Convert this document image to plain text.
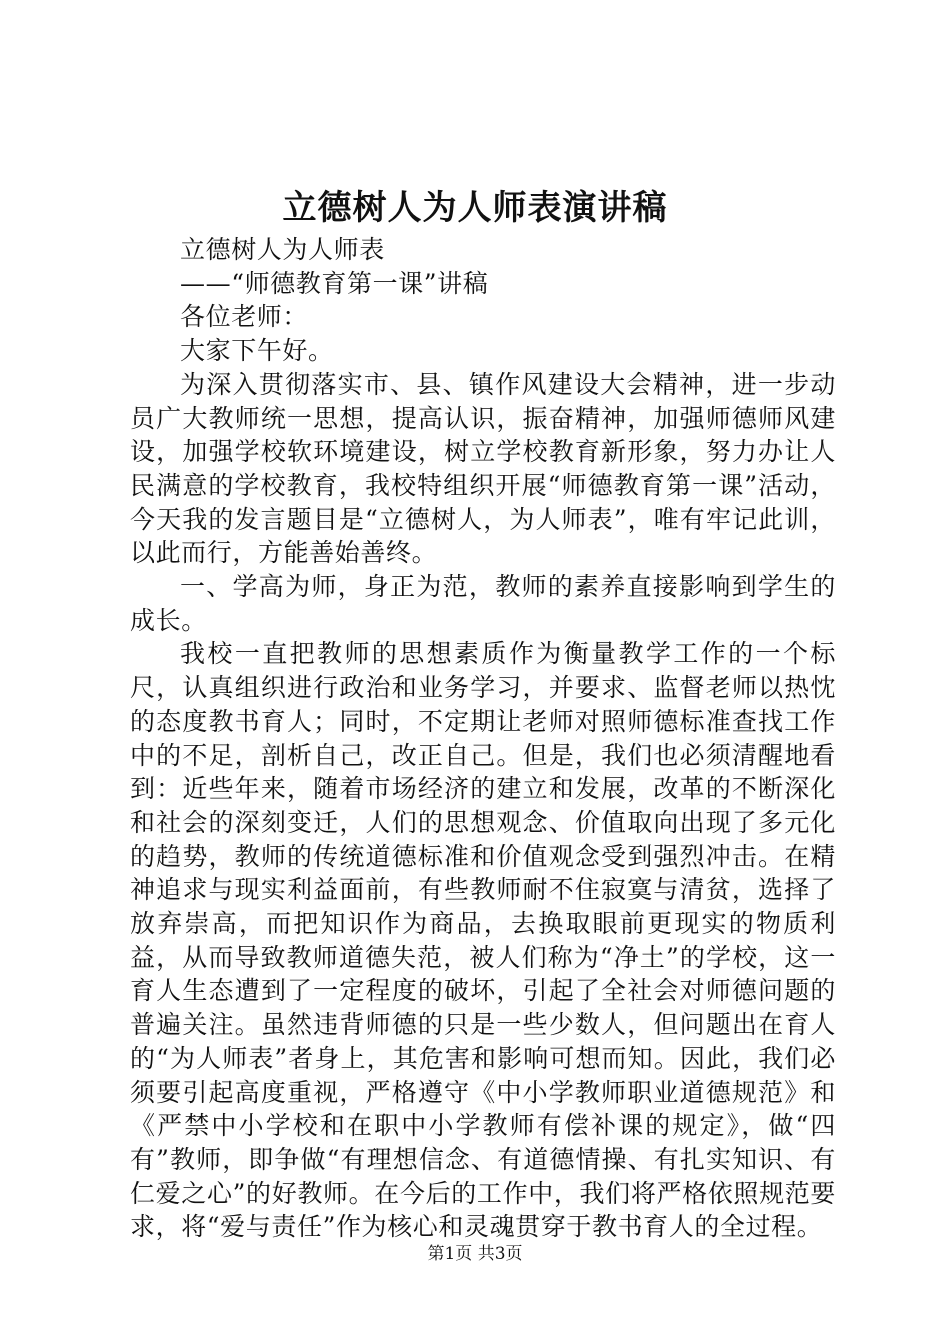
立德树人为人师表演讲稿

立德树人为人师表

——“师德教育第一课”讲稿

各位老师：

大家下午好。

为深入贯彻落实市、县、镇作风建设大会精神，进一步动员广大教师统一思想，提高认识，振奋精神，加强师德师风建设，加强学校软环境建设，树立学校教育新形象，努力办让人民满意的学校教育，我校特组织开展“师德教育第一课”活动，今天我的发言题目是“立德树人，为人师表”，唯有牢记此训，以此而行，方能善始善终。

一、学高为师，身正为范，教师的素养直接影响到学生的成长。

我校一直把教师的思想素质作为衡量教学工作的一个标尺，认真组织进行政治和业务学习，并要求、监督老师以热忱的态度教书育人；同时，不定期让老师对照师德标准查找工作中的不足，剖析自己，改正自己。但是，我们也必须清醒地看到：近些年来，随着市场经济的建立和发展，改革的不断深化和社会的深刻变迁，人们的思想观念、价值取向出现了多元化的趋势，教师的传统道德标准和价值观念受到强烈冲击。在精神追求与现实利益面前，有些教师耐不住寂寞与清贫，选择了放弃崇高，而把知识作为商品，去换取眼前更现实的物质利益，从而导致教师道德失范，被人们称为“净土”的学校，这一育人生态遭到了一定程度的破坏，引起了全社会对师德问题的普遍关注。虽然违背师德的只是一些少数人，但问题出在育人的“为人师表”者身上，其危害和影响可想而知。因此，我们必须要引起高度重视，严格遵守《中小学教师职业道德规范》和《严禁中小学校和在职中小学教师有偿补课的规定》，做“四有”教师，即争做“有理想信念、有道德情操、有扎实知识、有仁爱之心”的好教师。在今后的工作中，我们将严格依照规范要求，将“爱与责任”作为核心和灵魂贯穿于教书育人的全过程。

第1页 共3页
